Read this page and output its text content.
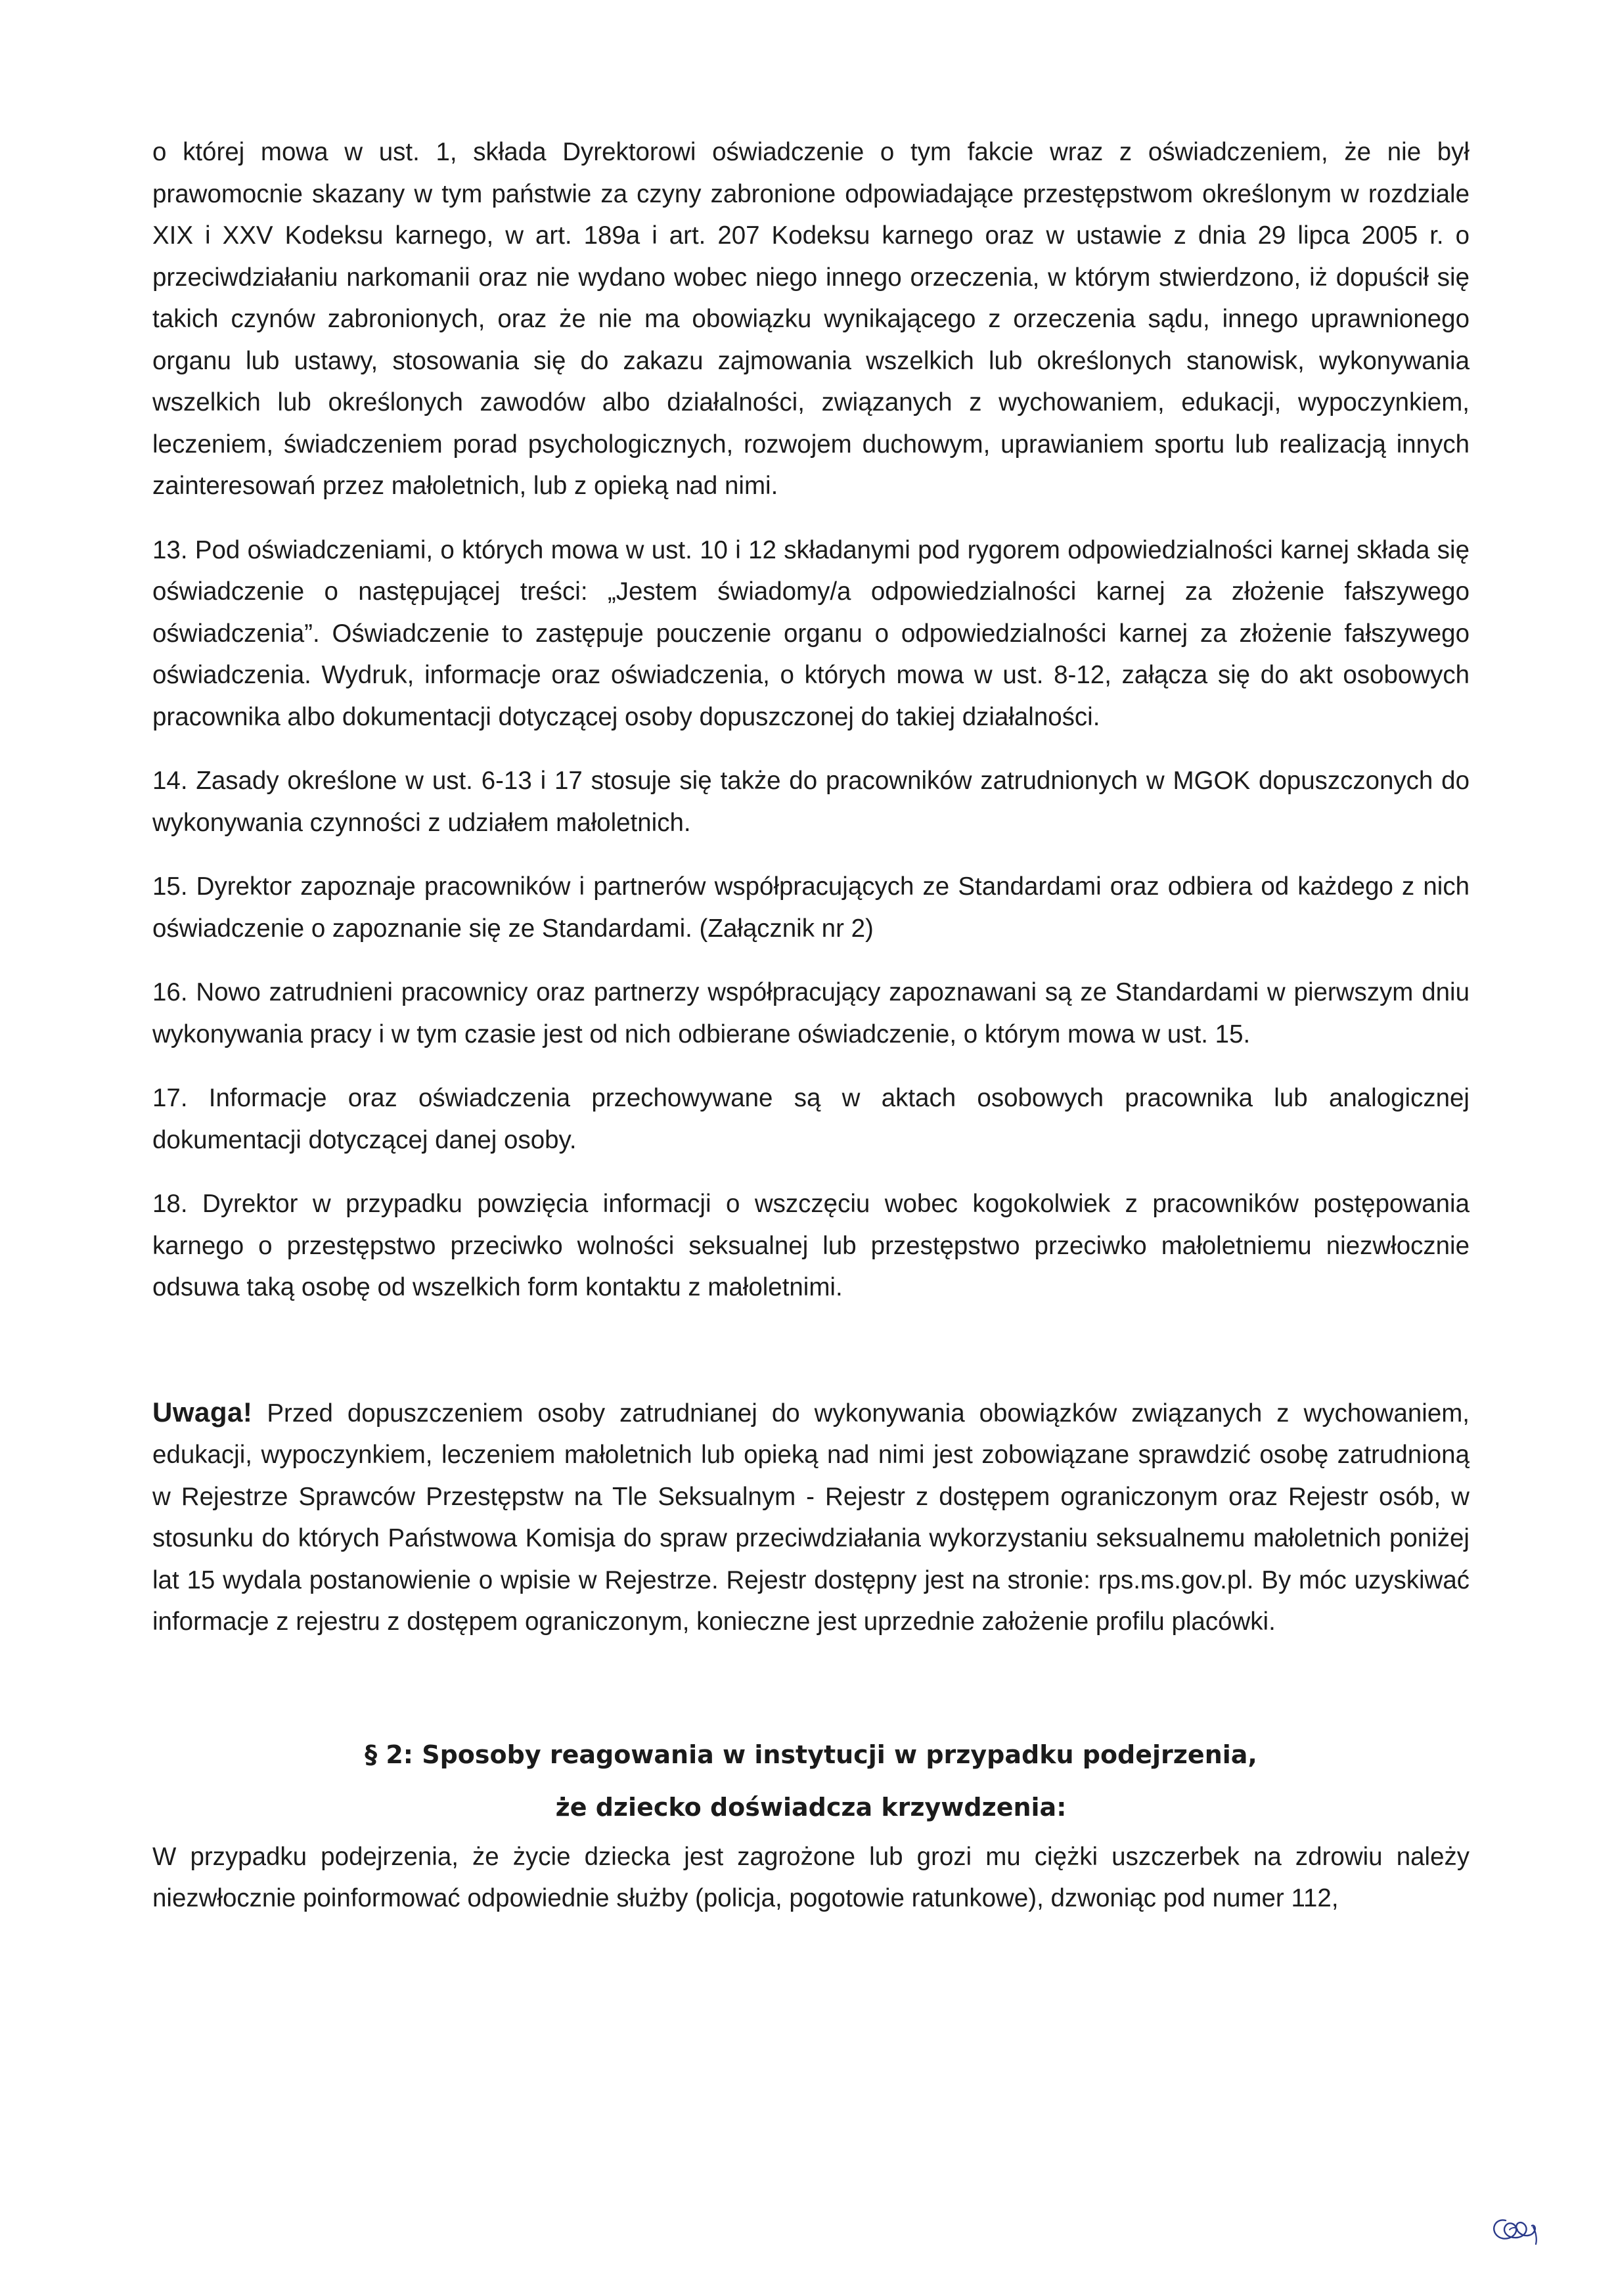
o której mowa w ust. 1, składa Dyrektorowi oświadczenie o tym fakcie wraz z oświadczeniem, że nie był prawomocnie skazany w tym państwie za czyny zabronione odpowiadające przestępstwom określonym w rozdziale XIX i XXV Kodeksu karnego, w art. 189a i art. 207 Kodeksu karnego oraz w ustawie z dnia 29 lipca 2005 r. o przeciwdziałaniu narkomanii oraz nie wydano wobec niego innego orzeczenia, w którym stwierdzono, iż dopuścił się takich czynów zabronionych, oraz że nie ma obowiązku wynikającego z orzeczenia sądu, innego uprawnionego organu lub ustawy, stosowania się do zakazu zajmowania wszelkich lub określonych stanowisk, wykonywania wszelkich lub określonych zawodów albo działalności, związanych z wychowaniem, edukacji, wypoczynkiem, leczeniem, świadczeniem porad psychologicznych, rozwojem duchowym, uprawianiem sportu lub realizacją innych zainteresowań przez małoletnich, lub z opieką nad nimi.

13. Pod oświadczeniami, o których mowa w ust. 10 i 12 składanymi pod rygorem odpowiedzialności karnej składa się oświadczenie o następującej treści: „Jestem świadomy/a odpowiedzialności karnej za złożenie fałszywego oświadczenia”. Oświadczenie to zastępuje pouczenie organu o odpowiedzialności karnej za złożenie fałszywego oświadczenia. Wydruk, informacje oraz oświadczenia, o których mowa w ust. 8-12, załącza się do akt osobowych pracownika albo dokumentacji dotyczącej osoby dopuszczonej do takiej działalności.

14. Zasady określone w ust. 6-13 i 17 stosuje się także do pracowników zatrudnionych w MGOK dopuszczonych do wykonywania czynności z udziałem małoletnich.

15. Dyrektor zapoznaje pracowników i partnerów współpracujących ze Standardami oraz odbiera od każdego z nich oświadczenie o zapoznanie się ze Standardami. (Załącznik nr 2)

16. Nowo zatrudnieni pracownicy oraz partnerzy współpracujący zapoznawani są ze Standardami w pierwszym dniu wykonywania pracy i w tym czasie jest od nich odbierane oświadczenie, o którym mowa w ust. 15.

17. Informacje oraz oświadczenia przechowywane są w aktach osobowych pracownika lub analogicznej dokumentacji dotyczącej danej osoby.

18. Dyrektor w przypadku powzięcia informacji o wszczęciu wobec kogokolwiek z pracowników postępowania karnego o przestępstwo przeciwko wolności seksualnej lub przestępstwo przeciwko małoletniemu niezwłocznie odsuwa taką osobę od wszelkich form kontaktu z małoletnimi.

Uwaga! Przed dopuszczeniem osoby zatrudnianej do wykonywania obowiązków związanych z wychowaniem, edukacji, wypoczynkiem, leczeniem małoletnich lub opieką nad nimi jest zobowiązane sprawdzić osobę zatrudnioną w Rejestrze Sprawców Przestępstw na Tle Seksualnym - Rejestr z dostępem ograniczonym oraz Rejestr osób, w stosunku do których Państwowa Komisja do spraw przeciwdziałania wykorzystaniu seksualnemu małoletnich poniżej lat 15 wydala postanowienie o wpisie w Rejestrze. Rejestr dostępny jest na stronie: rps.ms.gov.pl. By móc uzyskiwać informacje z rejestru z dostępem ograniczonym, konieczne jest uprzednie założenie profilu placówki.

§ 2: Sposoby reagowania w instytucji w przypadku podejrzenia,
że dziecko doświadcza krzywdzenia:

W przypadku podejrzenia, że życie dziecka jest zagrożone lub grozi mu ciężki uszczerbek na zdrowiu należy niezwłocznie poinformować odpowiednie służby (policja, pogotowie ratunkowe), dzwoniąc pod numer 112,
